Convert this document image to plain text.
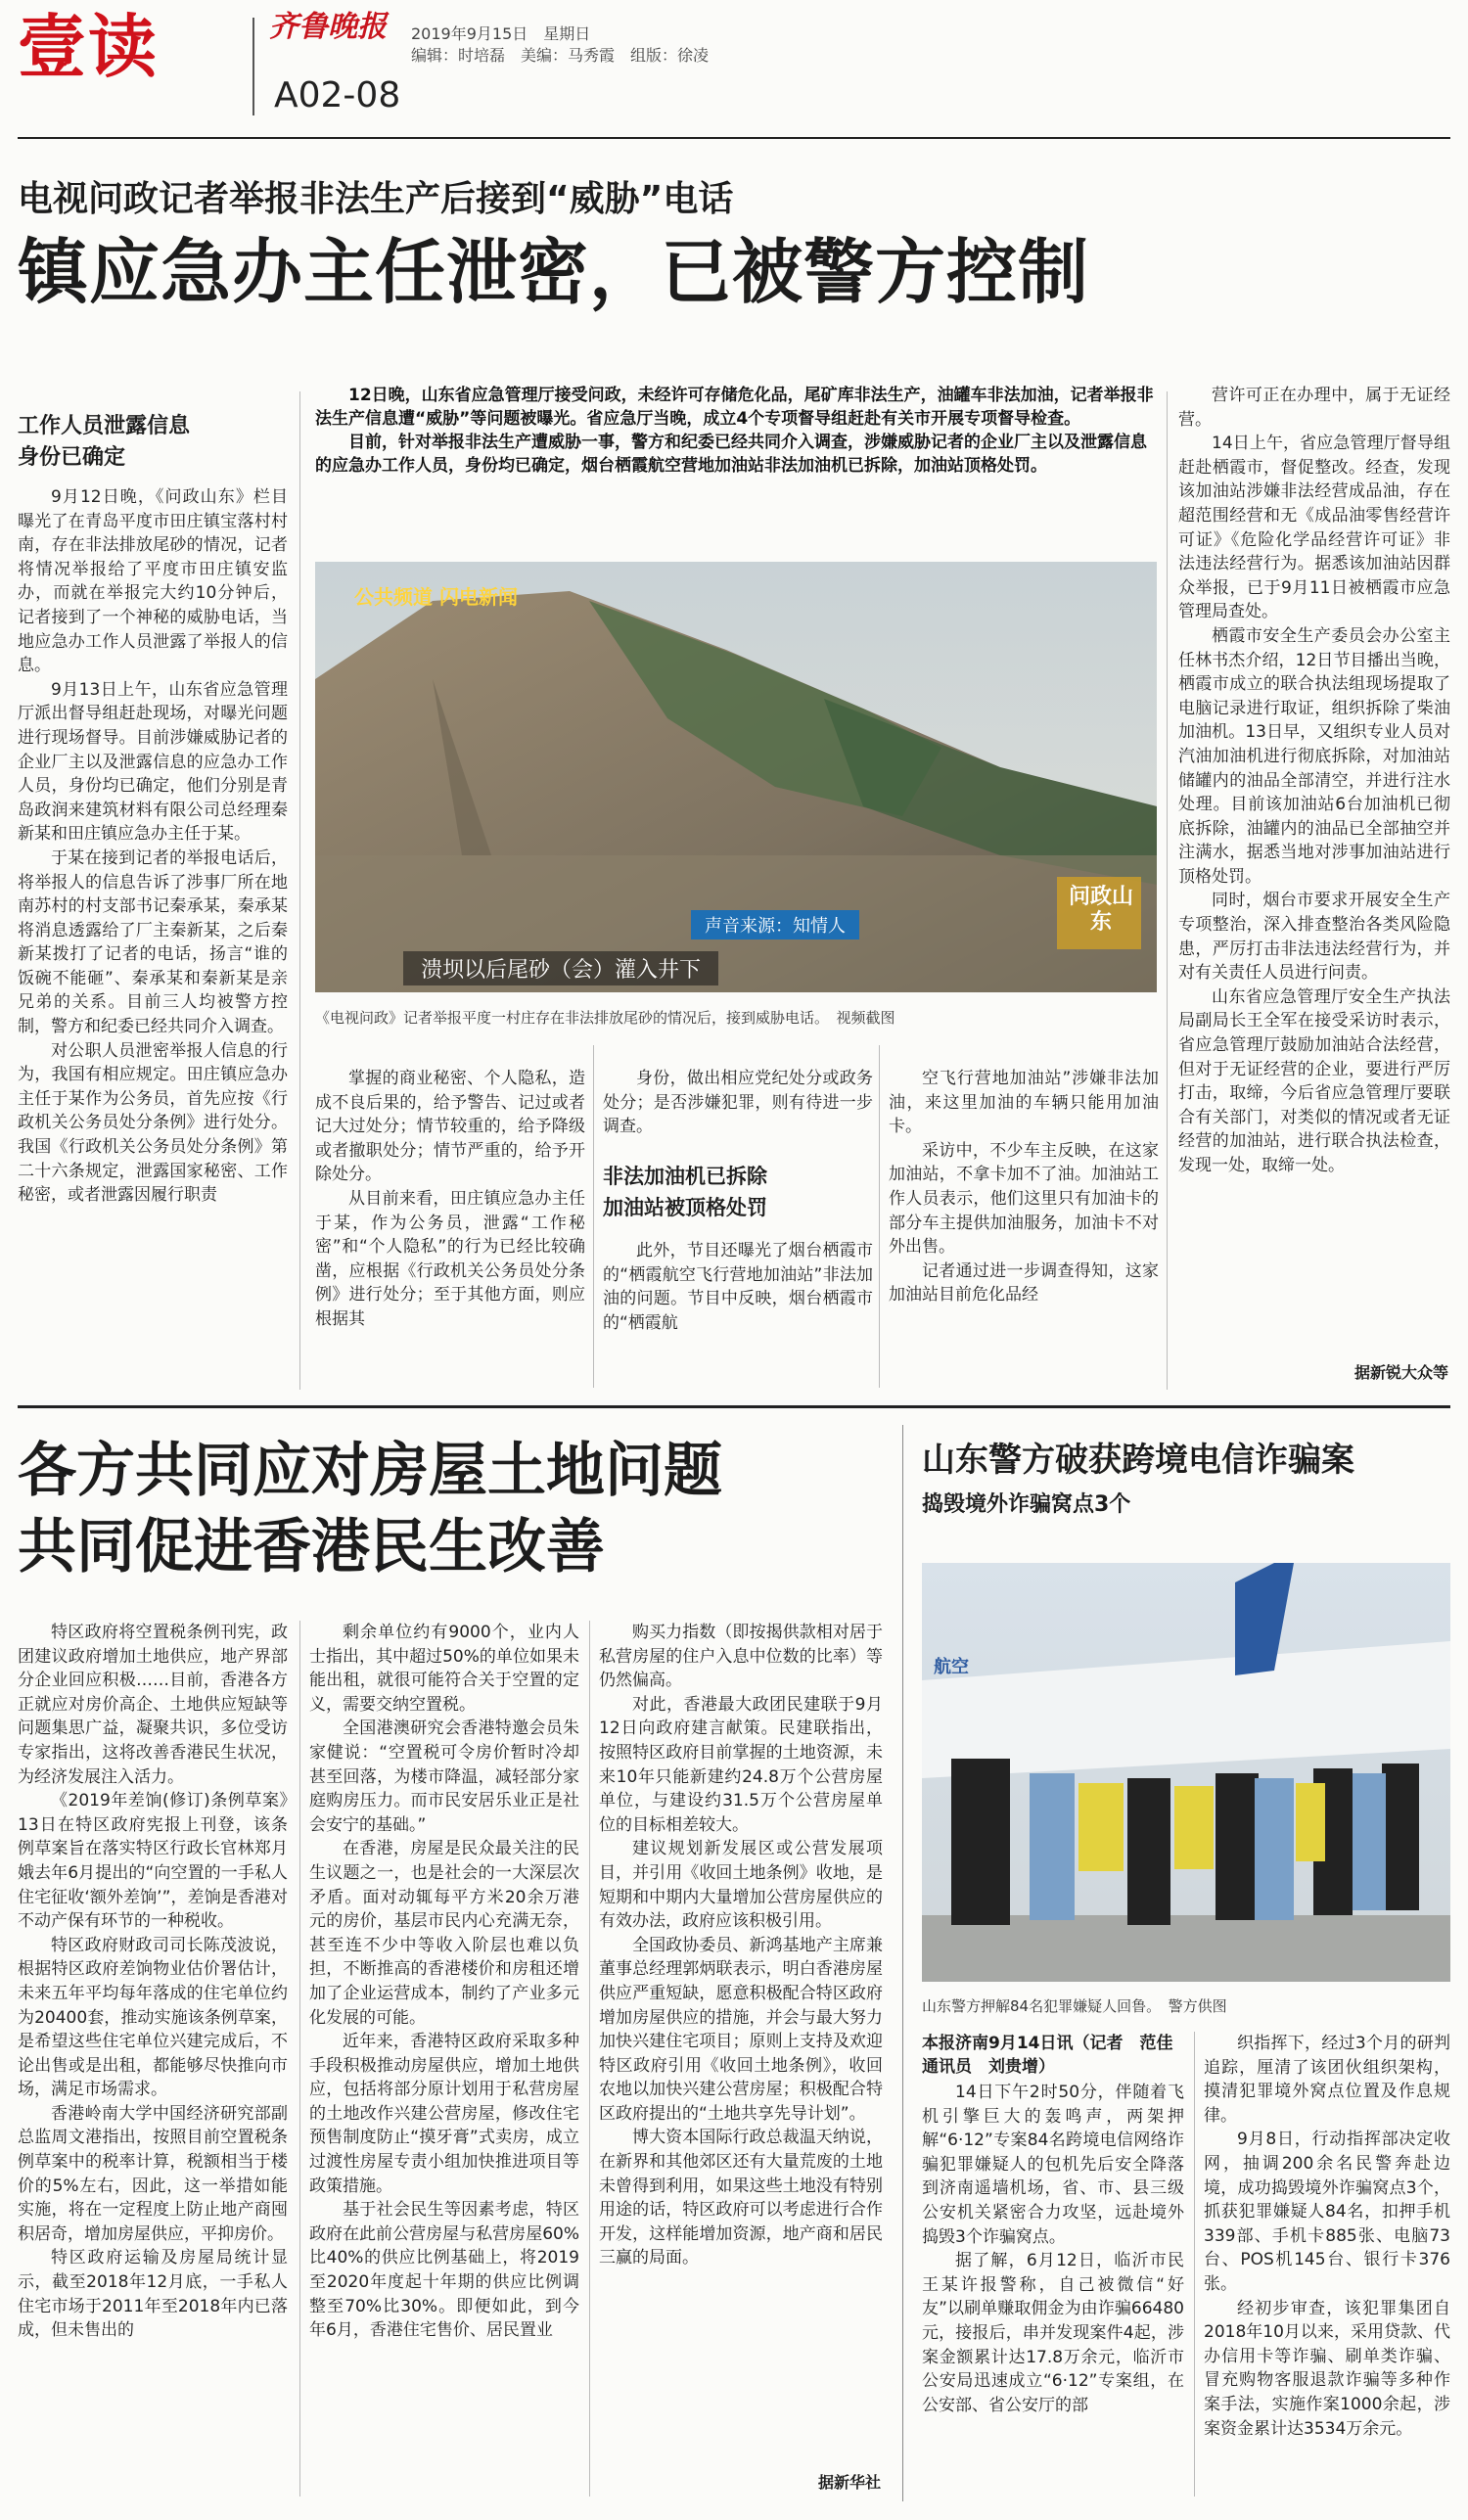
壹读	齐鲁晚报 2019年9月15日　星期日
编辑：时培磊　美编：马秀霞　组版：徐凌
A02-08
电视问政记者举报非法生产后接到“威胁”电话
镇应急办主任泄密，已被警方控制

12日晚，山东省应急管理厅接受问政，未经许可存储危化品，尾矿库非法生产，油罐车非法加油，记者举报非法生产信息遭“威胁”等问题被曝光。省应急厅当晚，成立4个专项督导组赶赴有关市开展专项督导检查。

目前，针对举报非法生产遭威胁一事，警方和纪委已经共同介入调查，涉嫌威胁记者的企业厂主以及泄露信息的应急办工作人员，身份均已确定，烟台栖霞航空营地加油站非法加油机已拆除，加油站顶格处罚。

工作人员泄露信息
身份已确定

9月12日晚，《问政山东》栏目曝光了在青岛平度市田庄镇宝落村村南，存在非法排放尾砂的情况，记者将情况举报给了平度市田庄镇安监办，而就在举报完大约10分钟后，记者接到了一个神秘的威胁电话，当地应急办工作人员泄露了举报人的信息。

9月13日上午，山东省应急管理厅派出督导组赶赴现场，对曝光问题进行现场督导。目前涉嫌威胁记者的企业厂主以及泄露信息的应急办工作人员，身份均已确定，他们分别是青岛政润来建筑材料有限公司总经理秦新某和田庄镇应急办主任于某。

于某在接到记者的举报电话后，将举报人的信息告诉了涉事厂所在地南苏村的村支部书记秦承某，秦承某将消息透露给了厂主秦新某，之后秦新某拨打了记者的电话，扬言“谁的饭碗不能砸”、秦承某和秦新某是亲兄弟的关系。目前三人均被警方控制，警方和纪委已经共同介入调查。

对公职人员泄密举报人信息的行为，我国有相应规定。田庄镇应急办主任于某作为公务员，首先应按《行政机关公务员处分条例》进行处分。我国《行政机关公务员处分条例》第二十六条规定，泄露国家秘密、工作秘密，或者泄露因履行职责

公共频道 闪电新闻
声音来源：知情人
溃坝以后尾砂（会）灌入井下
问政山东
《电视问政》记者举报平度一村庄存在非法排放尾砂的情况后，接到威胁电话。　视频截图

掌握的商业秘密、个人隐私，造成不良后果的，给予警告、记过或者记大过处分；情节较重的，给予降级或者撤职处分；情节严重的，给予开除处分。

从目前来看，田庄镇应急办主任于某，作为公务员，泄露“工作秘密”和“个人隐私”的行为已经比较确凿，应根据《行政机关公务员处分条例》进行处分；至于其他方面，则应根据其

身份，做出相应党纪处分或政务处分；是否涉嫌犯罪，则有待进一步调查。

非法加油机已拆除
加油站被顶格处罚

此外，节目还曝光了烟台栖霞市的“栖霞航空飞行营地加油站”非法加油的问题。节目中反映，烟台栖霞市的“栖霞航

空飞行营地加油站”涉嫌非法加油，来这里加油的车辆只能用加油卡。

采访中，不少车主反映，在这家加油站，不拿卡加不了油。加油站工作人员表示，他们这里只有加油卡的部分车主提供加油服务，加油卡不对外出售。

记者通过进一步调查得知，这家加油站目前危化品经

营许可正在办理中，属于无证经营。

14日上午，省应急管理厅督导组赶赴栖霞市，督促整改。经查，发现该加油站涉嫌非法经营成品油，存在超范围经营和无《成品油零售经营许可证》《危险化学品经营许可证》非法违法经营行为。据悉该加油站因群众举报，已于9月11日被栖霞市应急管理局查处。

栖霞市安全生产委员会办公室主任林书杰介绍，12日节目播出当晚，栖霞市成立的联合执法组现场提取了电脑记录进行取证，组织拆除了柴油加油机。13日早，又组织专业人员对汽油加油机进行彻底拆除，对加油站储罐内的油品全部清空，并进行注水处理。目前该加油站6台加油机已彻底拆除，油罐内的油品已全部抽空并注满水，据悉当地对涉事加油站进行顶格处罚。

同时，烟台市要求开展安全生产专项整治，深入排查整治各类风险隐患，严厉打击非法违法经营行为，并对有关责任人员进行问责。

山东省应急管理厅安全生产执法局副局长王全军在接受采访时表示，省应急管理厅鼓励加油站合法经营，但对于无证经营的企业，要进行严厉打击，取缔，今后省应急管理厅要联合有关部门，对类似的情况或者无证经营的加油站，进行联合执法检查，发现一处，取缔一处。

据新锐大众等
各方共同应对房屋土地问题
共同促进香港民生改善

特区政府将空置税条例刊宪，政团建议政府增加土地供应，地产界部分企业回应积极……目前，香港各方正就应对房价高企、土地供应短缺等问题集思广益，凝聚共识，多位受访专家指出，这将改善香港民生状况，为经济发展注入活力。

《2019年差饷(修订)条例草案》13日在特区政府宪报上刊登，该条例草案旨在落实特区行政长官林郑月娥去年6月提出的“向空置的一手私人住宅征收‘额外差饷’”，差饷是香港对不动产保有环节的一种税收。

特区政府财政司司长陈茂波说，根据特区政府差饷物业估价署估计，未来五年平均每年落成的住宅单位约为20400套，推动实施该条例草案，是希望这些住宅单位兴建完成后，不论出售或是出租，都能够尽快推向市场，满足市场需求。

香港岭南大学中国经济研究部副总监周文港指出，按照目前空置税条例草案中的税率计算，税额相当于楼价的5%左右，因此，这一举措如能实施，将在一定程度上防止地产商囤积居奇，增加房屋供应，平抑房价。

特区政府运输及房屋局统计显示，截至2018年12月底，一手私人住宅市场于2011年至2018年内已落成，但未售出的

剩余单位约有9000个，业内人士指出，其中超过50%的单位如果未能出租，就很可能符合关于空置的定义，需要交纳空置税。

全国港澳研究会香港特邀会员朱家健说：“空置税可令房价暂时冷却甚至回落，为楼市降温，减轻部分家庭购房压力。而市民安居乐业正是社会安宁的基础。”

在香港，房屋是民众最关注的民生议题之一，也是社会的一大深层次矛盾。面对动辄每平方米20余万港元的房价，基层市民内心充满无奈，甚至连不少中等收入阶层也难以负担，不断推高的香港楼价和房租还增加了企业运营成本，制约了产业多元化发展的可能。

近年来，香港特区政府采取多种手段积极推动房屋供应，增加土地供应，包括将部分原计划用于私营房屋的土地改作兴建公营房屋，修改住宅预售制度防止“摸牙膏”式卖房，成立过渡性房屋专责小组加快推进项目等政策措施。

基于社会民生等因素考虑，特区政府在此前公营房屋与私营房屋60%比40%的供应比例基础上，将2019至2020年度起十年期的供应比例调整至70%比30%。即便如此，到今年6月，香港住宅售价、居民置业

购买力指数（即按揭供款相对居于私营房屋的住户入息中位数的比率）等仍然偏高。

对此，香港最大政团民建联于9月12日向政府建言献策。民建联指出，按照特区政府目前掌握的土地资源，未来10年只能新建约24.8万个公营房屋单位，与建设约31.5万个公营房屋单位的目标相差较大。

建议规划新发展区或公营发展项目，并引用《收回土地条例》收地，是短期和中期内大量增加公营房屋供应的有效办法，政府应该积极引用。

全国政协委员、新鸿基地产主席兼董事总经理郭炳联表示，明白香港房屋供应严重短缺，愿意积极配合特区政府增加房屋供应的措施，并会与最大努力加快兴建住宅项目；原则上支持及欢迎特区政府引用《收回土地条例》，收回农地以加快兴建公营房屋；积极配合特区政府提出的“土地共享先导计划”。

博大资本国际行政总裁温天纳说，在新界和其他郊区还有大量荒废的土地未曾得到利用，如果这些土地没有特别用途的话，特区政府可以考虑进行合作开发，这样能增加资源，地产商和居民三赢的局面。

据新华社
山东警方破获跨境电信诈骗案
捣毁境外诈骗窝点3个
航空
山东警方押解84名犯罪嫌疑人回鲁。　警方供图
本报济南9月14日讯（记者　范佳　通讯员　刘贵增）

14日下午2时50分，伴随着飞机引擎巨大的轰鸣声，两架押解“6·12”专案84名跨境电信网络诈骗犯罪嫌疑人的包机先后安全降落到济南遥墙机场，省、市、县三级公安机关紧密合力攻坚，远赴境外捣毁3个诈骗窝点。

据了解，6月12日，临沂市民王某许报警称，自己被微信“好友”以刷单赚取佣金为由诈骗66480元，接报后，串并发现案件4起，涉案金额累计达17.8万余元，临沂市公安局迅速成立“6·12”专案组，在公安部、省公安厅的部

织指挥下，经过3个月的研判追踪，厘清了该团伙组织架构，摸清犯罪境外窝点位置及作息规律。

9月8日，行动指挥部决定收网，抽调200余名民警奔赴边境，成功捣毁境外诈骗窝点3个，抓获犯罪嫌疑人84名，扣押手机339部、手机卡885张、电脑73台、POS机145台、银行卡376张。

经初步审查，该犯罪集团自2018年10月以来，采用贷款、代办信用卡等诈骗、刷单类诈骗、冒充购物客服退款诈骗等多种作案手法，实施作案1000余起，涉案资金累计达3534万余元。
